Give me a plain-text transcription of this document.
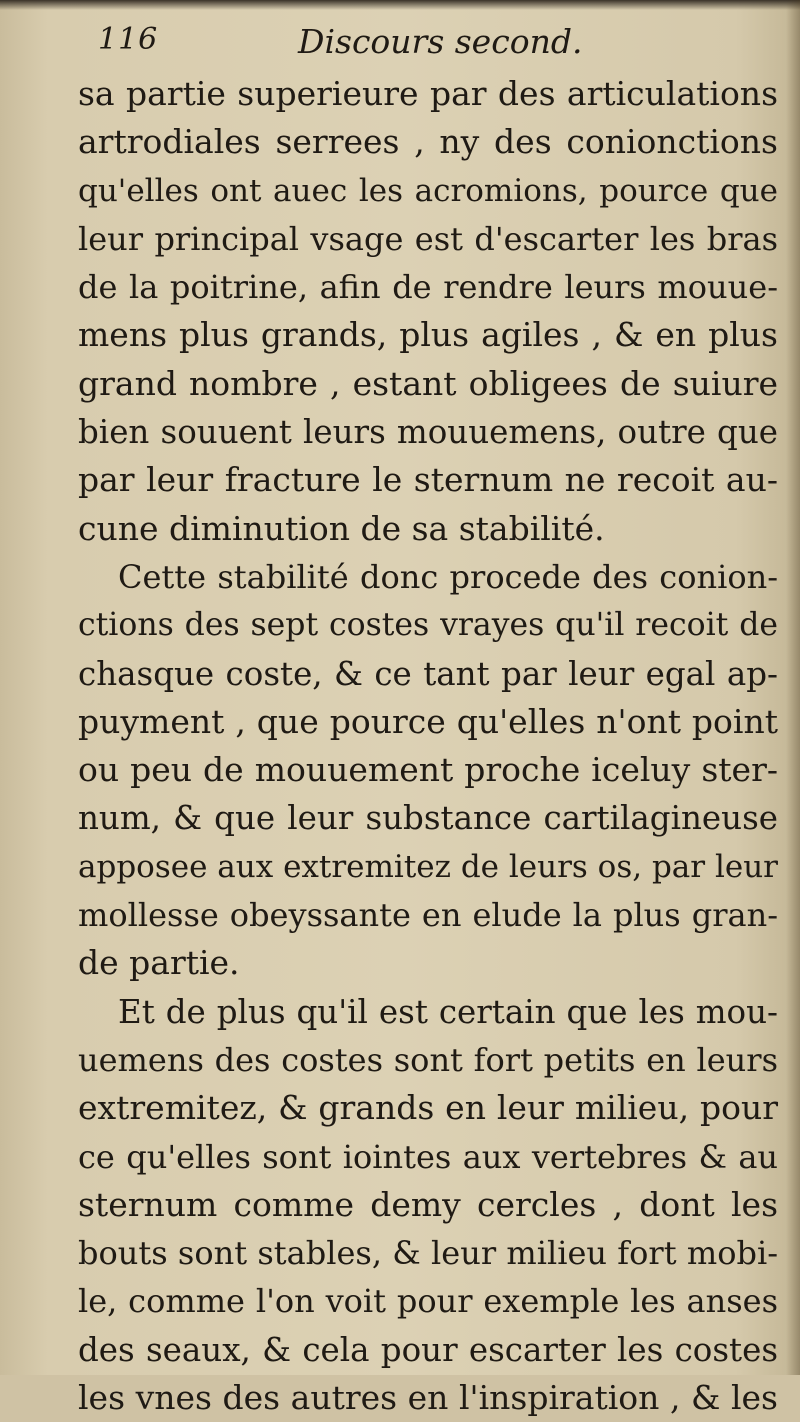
116	Discours second.
sa partie superieure par des articulations
artrodiales serrees , ny des conionctions
qu'elles ont auec les acromions, pource que
leur principal vsage est d'escarter les bras
de la poitrine, afin de rendre leurs mouue-
mens plus grands, plus agiles , & en plus
grand nombre , estant obligees de suiure
bien souuent leurs mouuemens, outre que
par leur fracture le sternum ne recoit au-
cune diminution de sa stabilité.
Cette stabilité donc procede des conion-
ctions des sept costes vrayes qu'il recoit de
chasque coste, & ce tant par leur egal ap-
puyment , que pource qu'elles n'ont point
ou peu de mouuement proche iceluy ster-
num, & que leur substance cartilagineuse
apposee aux extremitez de leurs os, par leur
mollesse obeyssante en elude la plus gran-
de partie.
Et de plus qu'il est certain que les mou-
uemens des costes sont fort petits en leurs
extremitez, & grands en leur milieu, pour
ce qu'elles sont iointes aux vertebres & au
sternum comme demy cercles , dont les
bouts sont stables, & leur milieu fort mobi-
le, comme l'on voit pour exemple les anses
des seaux, & cela pour escarter les costes
les vnes des autres en l'inspiration , & les
